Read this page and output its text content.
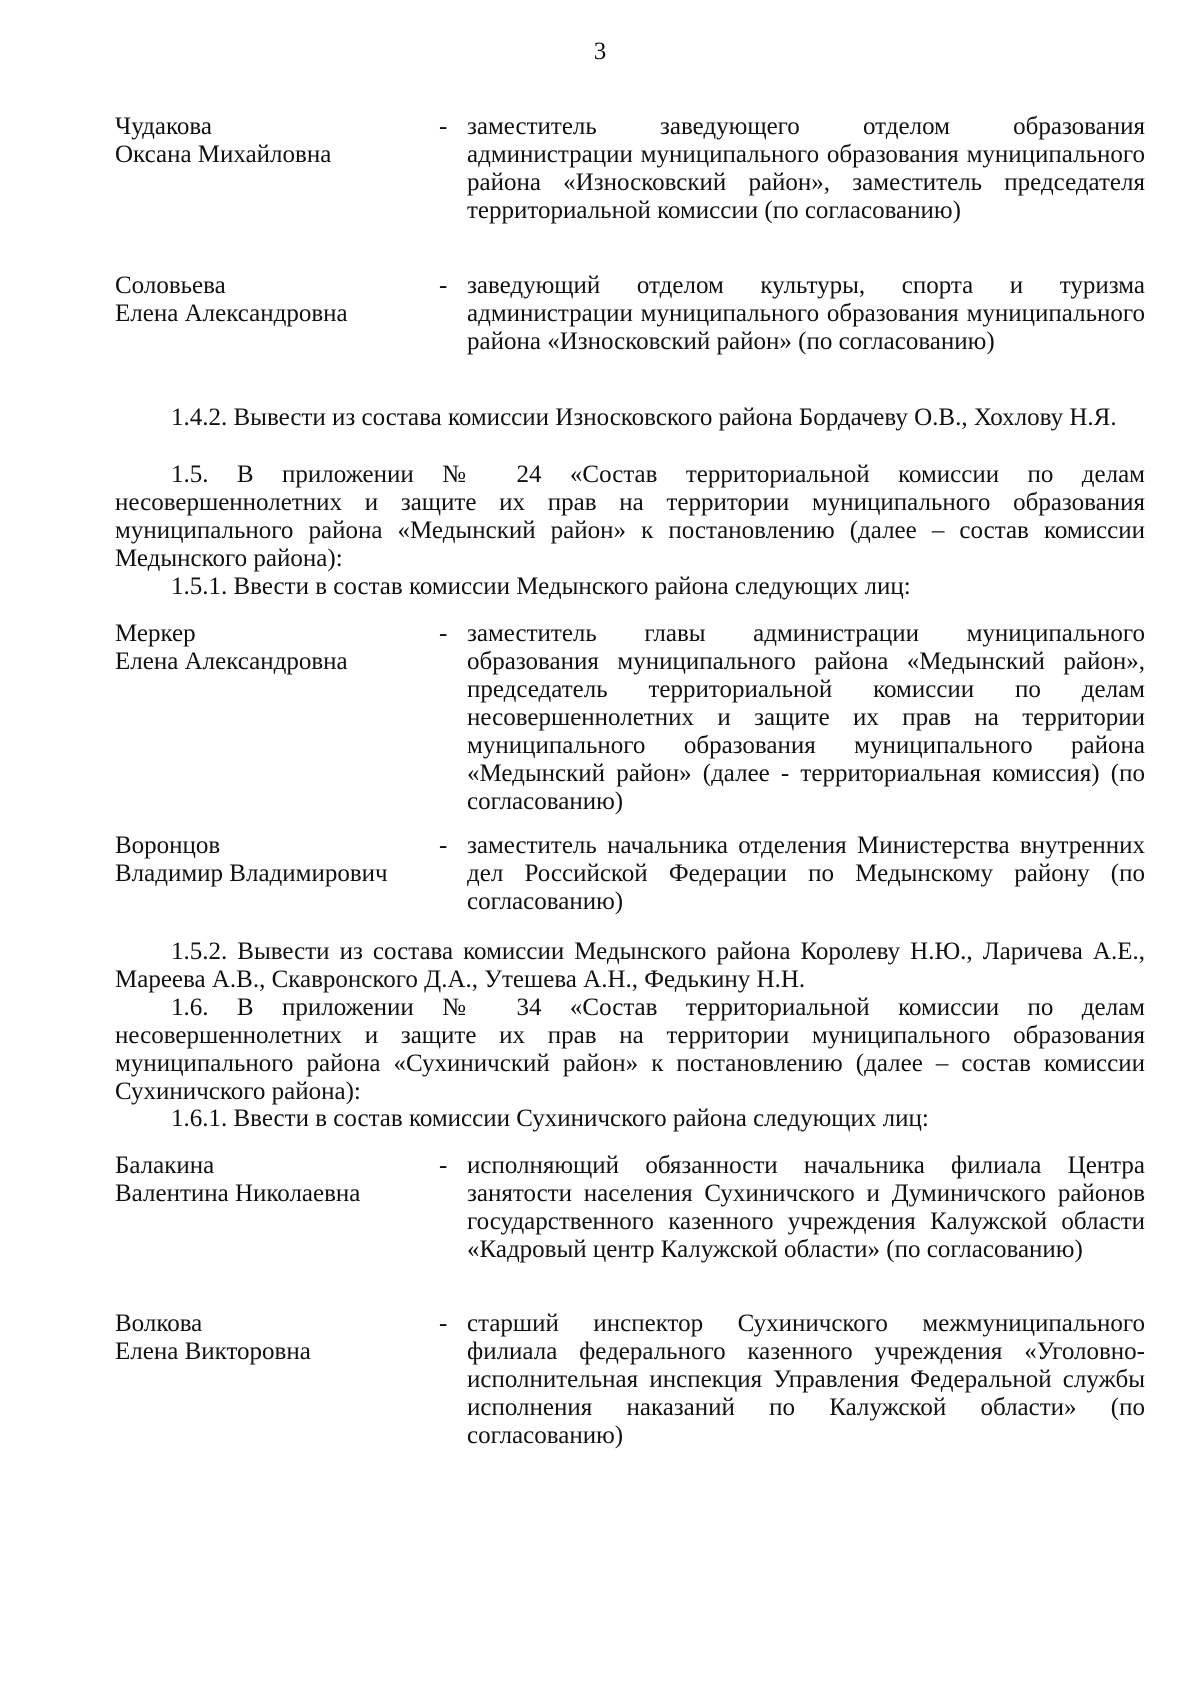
3
Чудакова
Оксана Михайловна
- заместитель заведующего отделом образования администрации муниципального образования муниципального района «Износковский район», заместитель председателя территориальной комиссии (по согласованию)
Соловьева
Елена Александровна
- заведующий отделом культуры, спорта и туризма администрации муниципального образования муниципального района «Износковский район» (по согласованию)
1.4.2. Вывести из состава комиссии Износковского района Бордачеву О.В., Хохлову Н.Я.
1.5. В приложении № 24 «Состав территориальной комиссии по делам несовершеннолетних и защите их прав на территории муниципального образования муниципального района «Медынский район» к постановлению (далее – состав комиссии Медынского района):
1.5.1. Ввести в состав комиссии Медынского района следующих лиц:
Меркер
Елена Александровна
- заместитель главы администрации муниципального образования муниципального района «Медынский район», председатель территориальной комиссии по делам несовершеннолетних и защите их прав на территории муниципального образования муниципального района «Медынский район» (далее - территориальная комиссия) (по согласованию)
Воронцов
Владимир Владимирович
- заместитель начальника отделения Министерства внутренних дел Российской Федерации по Медынскому району (по согласованию)
1.5.2. Вывести из состава комиссии Медынского района Королеву Н.Ю., Ларичева А.Е., Мареева А.В., Скавронского Д.А., Утешева А.Н., Федькину Н.Н.
1.6. В приложении № 34 «Состав территориальной комиссии по делам несовершеннолетних и защите их прав на территории муниципального образования муниципального района «Сухиничский район» к постановлению (далее – состав комиссии Сухиничского района):
1.6.1. Ввести в состав комиссии Сухиничского района следующих лиц:
Балакина
Валентина Николаевна
- исполняющий обязанности начальника филиала Центра занятости населения Сухиничского и Думиничского районов государственного казенного учреждения Калужской области «Кадровый центр Калужской области» (по согласованию)
Волкова
Елена Викторовна
- старший инспектор Сухиничского межмуниципального филиала федерального казенного учреждения «Уголовно-исполнительная инспекция Управления Федеральной службы исполнения наказаний по Калужской области» (по согласованию)
